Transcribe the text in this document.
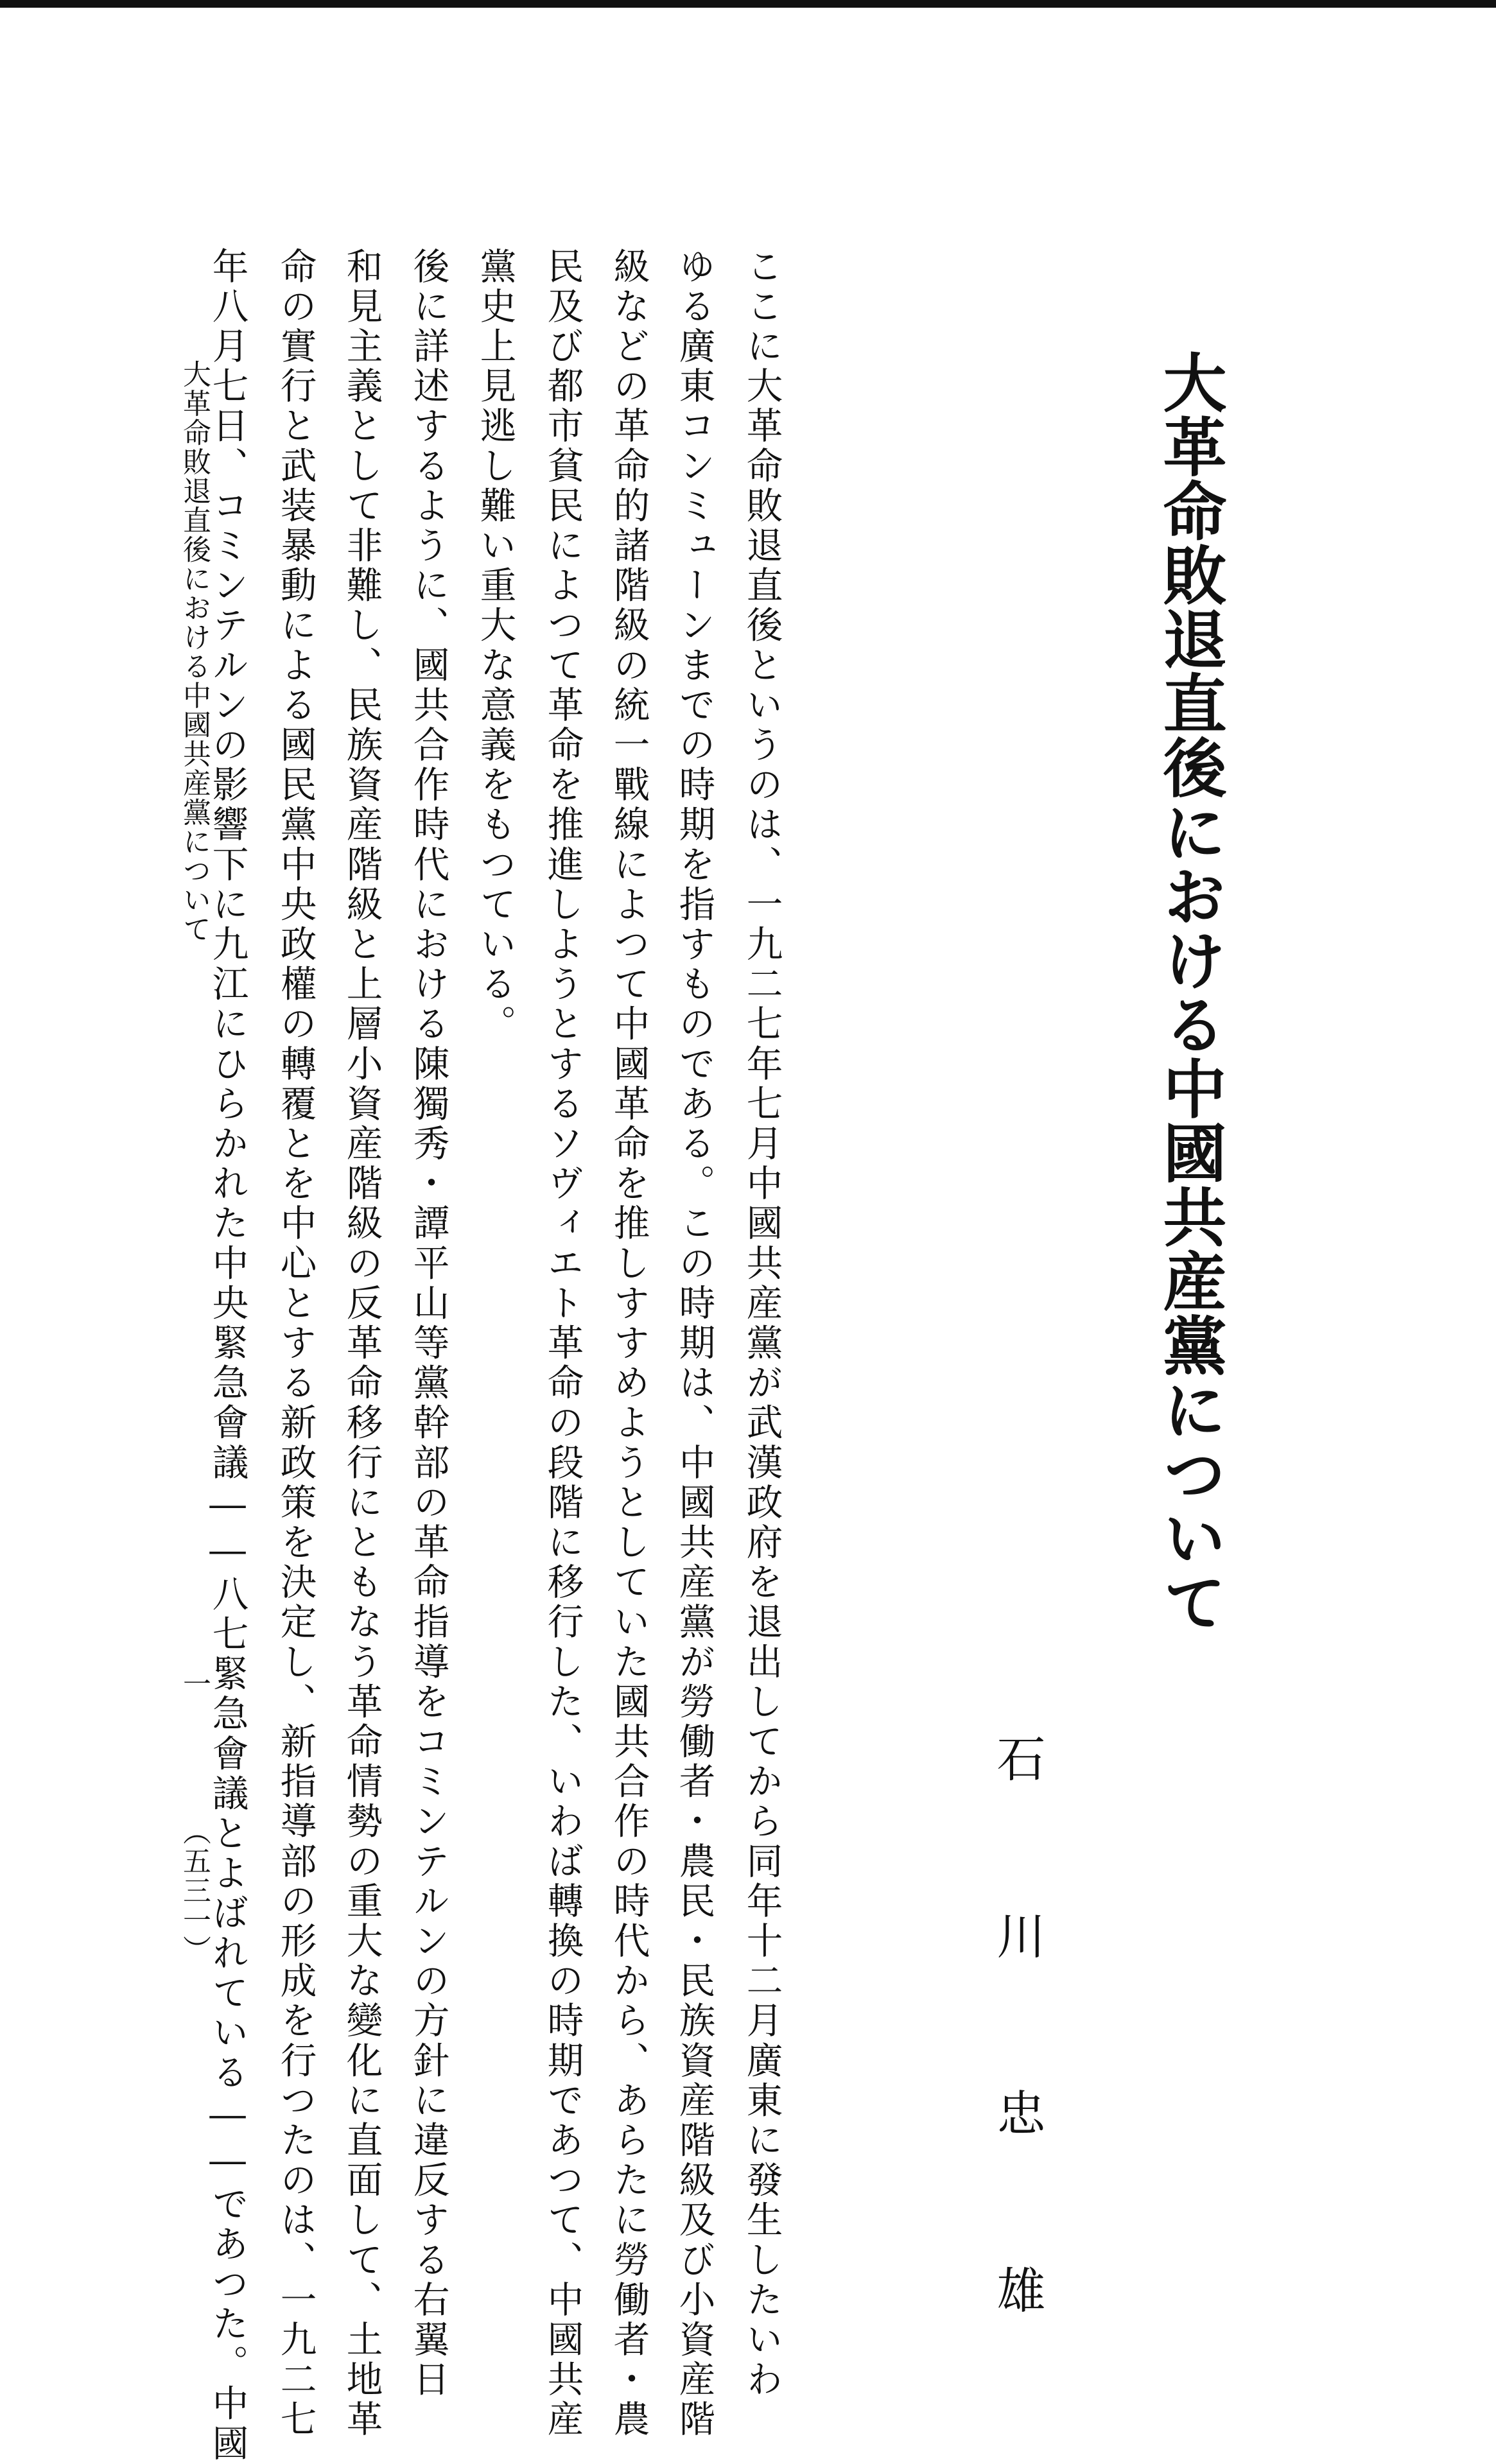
大革命敗退直後における中國共産黨について
石川忠雄
ここに大革命敗退直後というのは、一九二七年七月中國共産黨が武漢政府を退出してから同年十二月廣東に發生したいわ
ゆる廣東コンミューンまでの時期を指すものである。この時期は、中國共産黨が勞働者・農民・民族資産階級及び小資産階
級などの革命的諸階級の統一戰線によつて中國革命を推しすすめようとしていた國共合作の時代から、あらたに勞働者・農
民及び都市貧民によつて革命を推進しようとするソヴィエト革命の段階に移行した、いわば轉換の時期であつて、中國共産
黨史上見逃し難い重大な意義をもつている。
後に詳述するように、國共合作時代における陳獨秀・譚平山等黨幹部の革命指導をコミンテルンの方針に違反する右翼日
和見主義として非難し、民族資産階級と上層小資産階級の反革命移行にともなう革命情勢の重大な變化に直面して、土地革
命の實行と武装暴動による國民黨中央政權の轉覆とを中心とする新政策を決定し、新指導部の形成を行つたのは、一九二七
年八月七日、コミンテルンの影響下に九江にひらかれた中央緊急會議――八七緊急會議とよばれている――であつた。中國
大革命敗退直後における中國共産黨について
一
（五三一）
